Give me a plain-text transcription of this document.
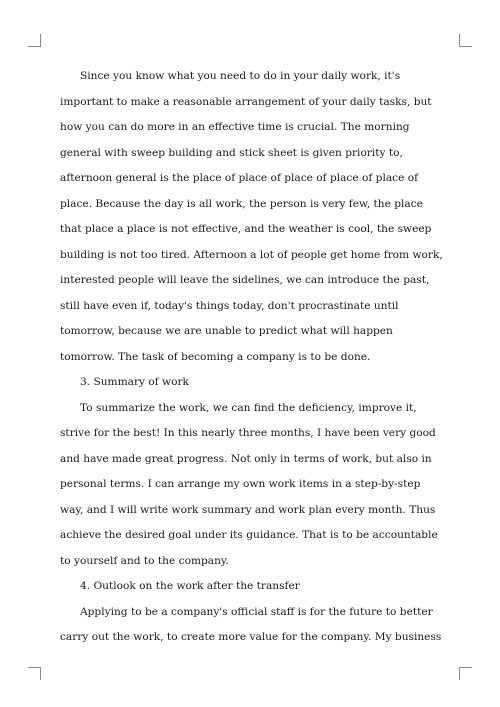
Since you know what you need to do in your daily work, it's important to make a reasonable arrangement of your daily tasks, but how you can do more in an effective time is crucial. The morning general with sweep building and stick sheet is given priority to, afternoon general is the place of place of place of place of place of place. Because the day is all work, the person is very few, the place that place a place is not effective, and the weather is cool, the sweep building is not too tired. Afternoon a lot of people get home from work, interested people will leave the sidelines, we can introduce the past, still have even if, today's things today, don't procrastinate until tomorrow, because we are unable to predict what will happen tomorrow. The task of becoming a company is to be done.

3. Summary of work

To summarize the work, we can find the deficiency, improve it, strive for the best! In this nearly three months, I have been very good and have made great progress. Not only in terms of work, but also in personal terms. I can arrange my own work items in a step-by-step way, and I will write work summary and work plan every month. Thus achieve the desired goal under its guidance. That is to be accountable to yourself and to the company.

4. Outlook on the work after the transfer

Applying to be a company's official staff is for the future to better carry out the work, to create more value for the company. My business
